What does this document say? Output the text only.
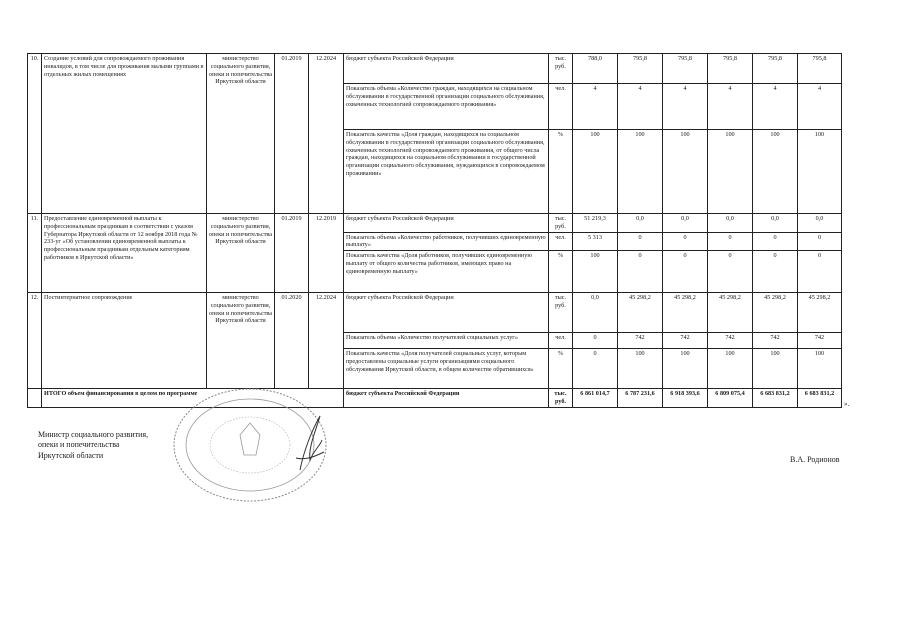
10.	Создание условий для сопровождаемого проживания инвалидов, в том числе для проживания малыми группами в отдельных жилых помещениях	министерство социального развития, опеки и попечительства Иркутской области	01.2019	12.2024	бюджет субъекта Российской Федерации	тыс. руб.	788,0	795,8	795,8	795,8	795,8	795,8
					Показатель объема «Количество граждан, находящихся на социальном обслуживании в государственной организации социального обслуживания, охваченных технологией сопровождаемого проживания»	чел.	4	4	4	4	4	4
					Показатель качества «Доля граждан, находящихся на социальном обслуживании в государственной организации социального обслуживания, охваченных технологией сопровождаемого проживания, от общего числа граждан, находящихся на социальном обслуживании в государственной организации социального обслуживания, нуждающихся в сопровождаемом проживании»	%	100	100	100	100	100	100
11.	Предоставление единовременной выплаты к профессиональным праздникам в соответствии с указом Губернатора Иркутской области от 12 ноября 2018 года № 233-уг «Об установлении единовременной выплаты к профессиональным праздникам отдельным категориям работников в Иркутской области»	министерство социального развития, опеки и попечительства Иркутской области	01.2019	12.2019	бюджет субъекта Российской Федерации	тыс. руб.	51 219,3	0,0	0,0	0,0	0,0	0,0
					Показатель объема «Количество работников, получивших единовременную выплату»	чел.	5 313	0	0	0	0	0
					Показатель качества «Доля работников, получивших единовременную выплату от общего количества работников, имеющих право на единовременную выплату»	%	100	0	0	0	0	0
12.	Постинтернатное сопровождение	министерство социального развития, опеки и попечительства Иркутской области	01.2020	12.2024	бюджет субъекта Российской Федерации	тыс. руб.	0,0	45 298,2	45 298,2	45 298,2	45 298,2	45 298,2
					Показатель объема «Количество получателей социальных услуг»	чел.	0	742	742	742	742	742
					Показатель качества «Доля получателей социальных услуг, которым предоставлены социальные услуги организациями социального обслуживания Иркутской области, в общем количестве обратившихся»	%	0	100	100	100	100	100
	ИТОГО объем финансирования в целом по программе				бюджет субъекта Российской Федерации	тыс. руб.	6 861 014,7	6 787 231,6	6 918 393,6	6 809 075,4	6 683 831,2	6 683 831,2
».
Министр социального развития,
опеки и попечительства
Иркутской области	В.А. Родионов
